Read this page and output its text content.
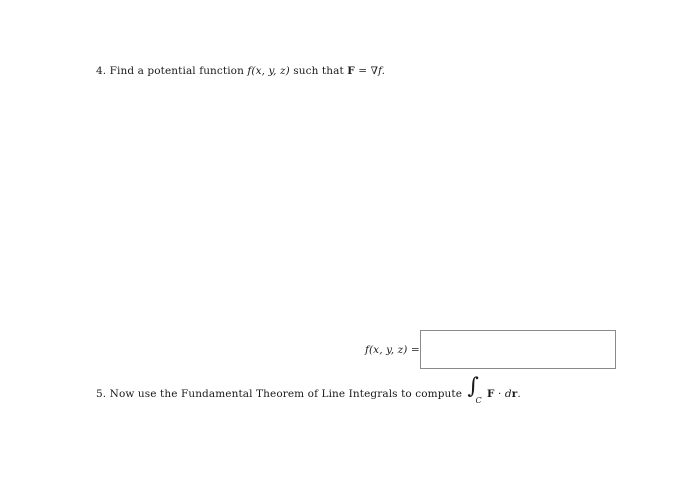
4. Find a potential function f(x, y, z) such that F = ∇f.
f(x, y, z) =
5. Now use the Fundamental Theorem of Line Integrals to compute ∫
C
F · dr.
